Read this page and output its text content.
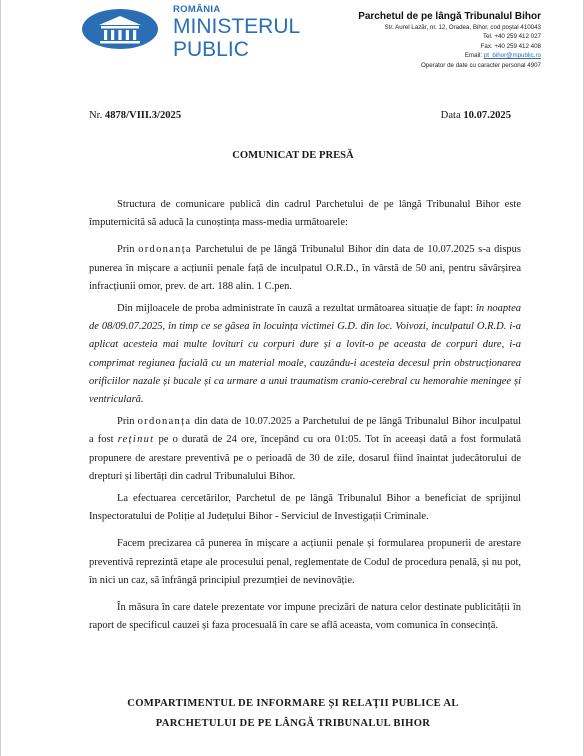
ROMÂNIA
MINISTERUL
PUBLIC
Parchetul de pe lângă Tribunalul Bihor
Str. Aurel Lazăr, nr. 12, Oradea, Bihor, cod poștal 410043
Tel. +40 259 412 027
Fax. +40 259 412 408
Email: pt_bihor@mpublic.ro
Operator de date cu caracter personal 4907
Nr. 4878/VIII.3/2025	Data 10.07.2025
COMUNICAT DE PRESĂ

Structura de comunicare publică din cadrul Parchetului de pe lângă Tribunalul Bihor este împuternicită să aducă la cunoștința mass-media următoarele:

Prin ordonanța Parchetului de pe lângă Tribunalul Bihor din data de 10.07.2025 s-a dispus punerea în mișcare a acțiunii penale față de inculpatul O.R.D., în vârstă de 50 ani, pentru săvârșirea infracțiunii omor, prev. de art. 188 alin. 1 C.pen.

Din mijloacele de proba administrate în cauză a rezultat următoarea situație de fapt: în noaptea de 08/09.07.2025, în timp ce se găsea în locuința victimei G.D. din loc. Voivozi, inculpatul O.R.D. i-a aplicat acesteia mai multe lovituri cu corpuri dure și a lovit-o pe aceasta de corpuri dure, i-a comprimat regiunea facială cu un material moale, cauzându-i acesteia decesul prin obstrucționarea orificiilor nazale și bucale și ca urmare a unui traumatism cranio-cerebral cu hemorahie meningee și ventriculară.

Prin ordonanța din data de 10.07.2025 a Parchetului de pe lângă Tribunalul Bihor inculpatul a fost reținut pe o durată de 24 ore, începând cu ora 01:05. Tot în aceeași dată a fost formulată propunere de arestare preventivă pe o perioadă de 30 de zile, dosarul fiind înaintat judecătorului de drepturi și libertăți din cadrul Tribunalului Bihor.

La efectuarea cercetărilor, Parchetul de pe lângă Tribunalul Bihor a beneficiat de sprijinul Inspectoratului de Poliție al Județului Bihor - Serviciul de Investigații Criminale.

Facem precizarea că punerea în mișcare a acțiunii penale și formularea propunerii de arestare preventivă reprezintă etape ale procesului penal, reglementate de Codul de procedura penală, și nu pot, în nici un caz, să înfrângă principiul prezumției de nevinovăție.

În măsura în care datele prezentate vor impune precizări de natura celor destinate publicității în raport de specificul cauzei și faza procesuală în care se află aceasta, vom comunica în consecință.

COMPARTIMENTUL DE INFORMARE ȘI RELAȚII PUBLICE AL
PARCHETULUI DE PE LÂNGĂ TRIBUNALUL BIHOR
